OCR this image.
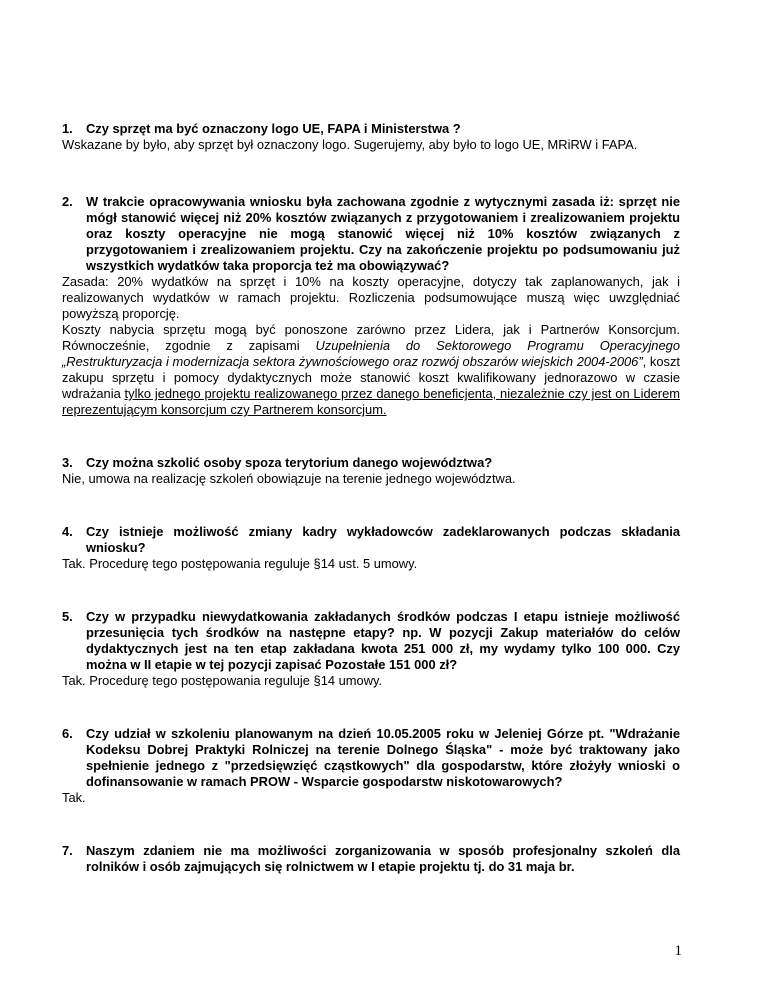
1.	Czy sprzęt ma być oznaczony logo UE, FAPA i Ministerstwa ?

Wskazane by było, aby sprzęt był oznaczony logo. Sugerujemy, aby było to logo UE, MRiRW i FAPA.

2.	W trakcie opracowywania wniosku była zachowana zgodnie z wytycznymi zasada iż: sprzęt nie mógł stanowić więcej niż 20% kosztów związanych z przygotowaniem i zrealizowaniem projektu oraz koszty operacyjne nie mogą stanowić więcej niż 10% kosztów związanych z przygotowaniem i zrealizowaniem projektu. Czy na zakończenie projektu po podsumowaniu już wszystkich wydatków taka proporcja też ma obowiązywać?

Zasada: 20% wydatków na sprzęt i 10% na koszty operacyjne, dotyczy tak zaplanowanych, jak i realizowanych wydatków w ramach projektu. Rozliczenia podsumowujące muszą więc uwzględniać powyższą proporcję.

Koszty nabycia sprzętu mogą być ponoszone zarówno przez Lidera, jak i Partnerów Konsorcjum. Równocześnie, zgodnie z zapisami Uzupełnienia do Sektorowego Programu Operacyjnego „Restrukturyzacja i modernizacja sektora żywnościowego oraz rozwój obszarów wiejskich 2004-2006”, koszt zakupu sprzętu i pomocy dydaktycznych może stanowić koszt kwalifikowany jednorazowo w czasie wdrażania tylko jednego projektu realizowanego przez danego beneficjenta, niezależnie czy jest on Liderem reprezentującym konsorcjum czy Partnerem konsorcjum.

3.	Czy można szkolić osoby spoza terytorium danego województwa?

Nie, umowa na realizację szkoleń obowiązuje na terenie jednego województwa.

4.	Czy istnieje możliwość zmiany kadry wykładowców zadeklarowanych podczas składania wniosku?

Tak. Procedurę tego postępowania reguluje §14 ust. 5 umowy.

5.	Czy w przypadku niewydatkowania zakładanych środków podczas I etapu istnieje możliwość przesunięcia tych środków na następne etapy? np. W pozycji Zakup materiałów do celów dydaktycznych jest na ten etap zakładana kwota 251 000 zł, my wydamy tylko 100 000. Czy można w II etapie w tej pozycji zapisać Pozostałe 151 000 zł?

Tak. Procedurę tego postępowania reguluje §14 umowy.

6.	Czy udział w szkoleniu planowanym na dzień 10.05.2005 roku w Jeleniej Górze pt. "Wdrażanie Kodeksu Dobrej Praktyki Rolniczej na terenie Dolnego Śląska" - może być traktowany jako spełnienie jednego z "przedsięwzięć cząstkowych" dla gospodarstw, które złożyły wnioski o dofinansowanie w ramach PROW - Wsparcie gospodarstw niskotowarowych?

Tak.

7.	Naszym zdaniem nie ma możliwości zorganizowania w sposób profesjonalny szkoleń dla rolników i osób zajmujących się rolnictwem w I etapie projektu tj. do 31 maja br.
1
